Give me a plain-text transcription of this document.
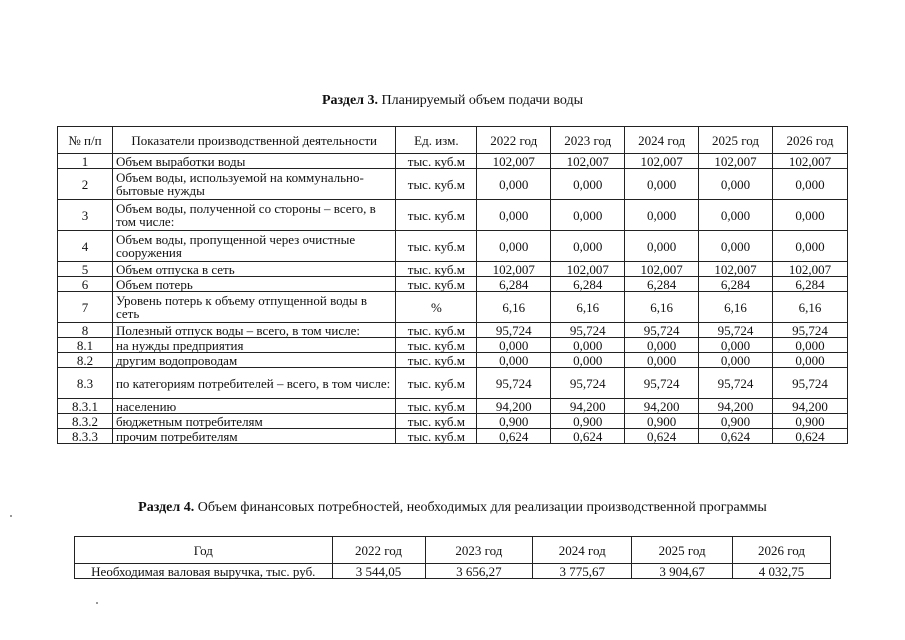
Раздел 3. Планируемый объем подачи воды
№ п/п	Показатели производственной деятельности	Ед. изм.	2022 год	2023 год	2024 год	2025 год	2026 год
1	Объем выработки воды	тыс. куб.м	102,007	102,007	102,007	102,007	102,007
2	Объем воды, используемой на коммунально-бытовые нужды	тыс. куб.м	0,000	0,000	0,000	0,000	0,000
3	Объем воды, полученной со стороны – всего, в том числе:	тыс. куб.м	0,000	0,000	0,000	0,000	0,000
4	Объем воды, пропущенной через очистные сооружения	тыс. куб.м	0,000	0,000	0,000	0,000	0,000
5	Объем отпуска в сеть	тыс. куб.м	102,007	102,007	102,007	102,007	102,007
6	Объем потерь	тыс. куб.м	6,284	6,284	6,284	6,284	6,284
7	Уровень потерь к объему отпущенной воды в сеть	%	6,16	6,16	6,16	6,16	6,16
8	Полезный отпуск воды – всего, в том числе:	тыс. куб.м	95,724	95,724	95,724	95,724	95,724
8.1	на нужды предприятия	тыс. куб.м	0,000	0,000	0,000	0,000	0,000
8.2	другим водопроводам	тыс. куб.м	0,000	0,000	0,000	0,000	0,000
8.3	по категориям потребителей – всего, в том числе:	тыс. куб.м	95,724	95,724	95,724	95,724	95,724
8.3.1	населению	тыс. куб.м	94,200	94,200	94,200	94,200	94,200
8.3.2	бюджетным потребителям	тыс. куб.м	0,900	0,900	0,900	0,900	0,900
8.3.3	прочим потребителям	тыс. куб.м	0,624	0,624	0,624	0,624	0,624
Раздел 4. Объем финансовых потребностей, необходимых для реализации производственной программы
Год	2022 год	2023 год	2024 год	2025 год	2026 год
Необходимая валовая выручка, тыс. руб.	3 544,05	3 656,27	3 775,67	3 904,67	4 032,75
